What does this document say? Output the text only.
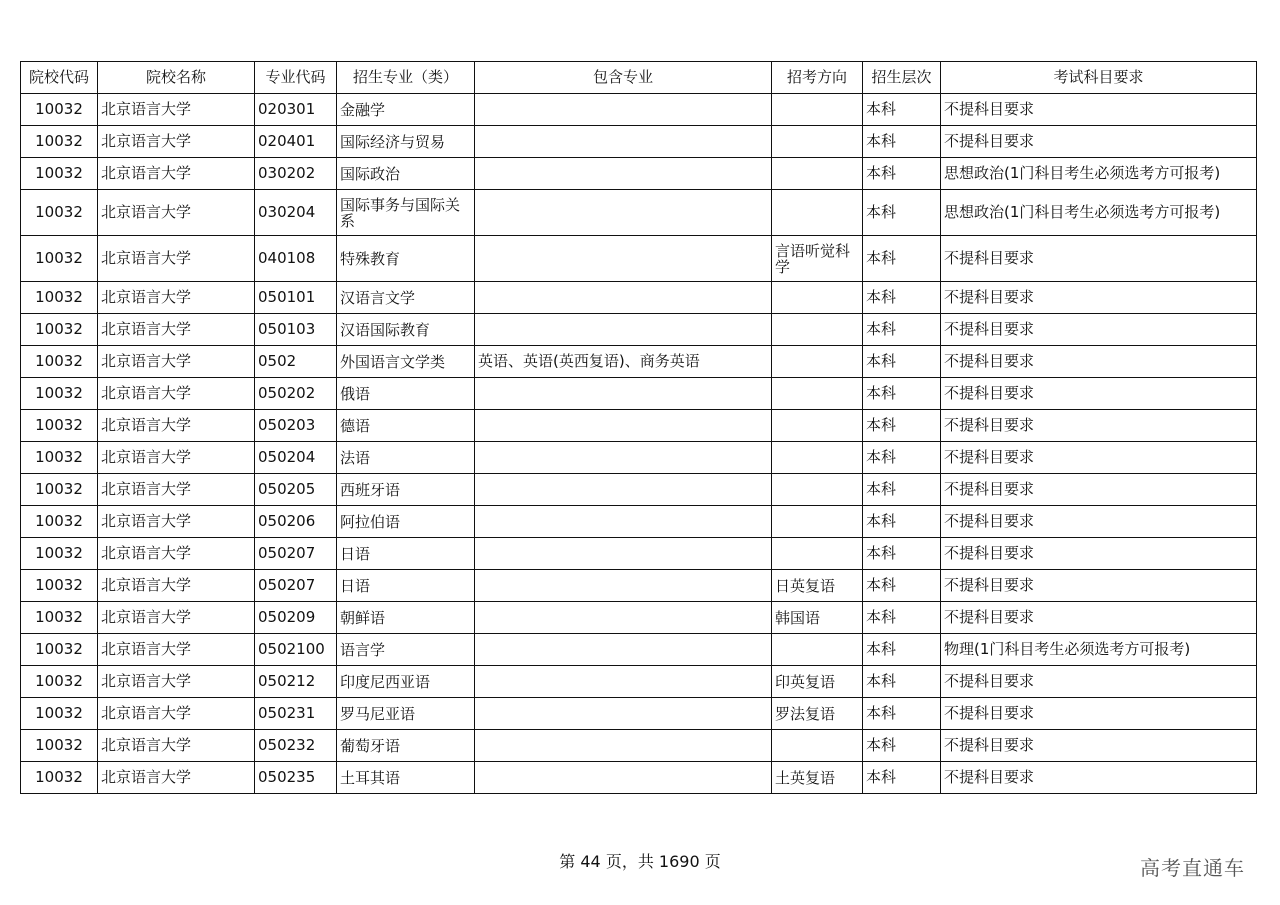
院校代码	院校名称	专业代码	招生专业（类）	包含专业	招考方向	招生层次	考试科目要求
10032	北京语言大学	020301	金融学			本科	不提科目要求
10032	北京语言大学	020401	国际经济与贸易			本科	不提科目要求
10032	北京语言大学	030202	国际政治			本科	思想政治(1门科目考生必须选考方可报考)
10032	北京语言大学	030204	国际事务与国际关系			本科	思想政治(1门科目考生必须选考方可报考)
10032	北京语言大学	040108	特殊教育		言语听觉科学	本科	不提科目要求
10032	北京语言大学	050101	汉语言文学			本科	不提科目要求
10032	北京语言大学	050103	汉语国际教育			本科	不提科目要求
10032	北京语言大学	0502	外国语言文学类	英语、英语(英西复语)、商务英语		本科	不提科目要求
10032	北京语言大学	050202	俄语			本科	不提科目要求
10032	北京语言大学	050203	德语			本科	不提科目要求
10032	北京语言大学	050204	法语			本科	不提科目要求
10032	北京语言大学	050205	西班牙语			本科	不提科目要求
10032	北京语言大学	050206	阿拉伯语			本科	不提科目要求
10032	北京语言大学	050207	日语			本科	不提科目要求
10032	北京语言大学	050207	日语		日英复语	本科	不提科目要求
10032	北京语言大学	050209	朝鲜语		韩国语	本科	不提科目要求
10032	北京语言大学	0502100	语言学			本科	物理(1门科目考生必须选考方可报考)
10032	北京语言大学	050212	印度尼西亚语		印英复语	本科	不提科目要求
10032	北京语言大学	050231	罗马尼亚语		罗法复语	本科	不提科目要求
10032	北京语言大学	050232	葡萄牙语			本科	不提科目要求
10032	北京语言大学	050235	土耳其语		土英复语	本科	不提科目要求
第 44 页，共 1690 页	高考直通车
